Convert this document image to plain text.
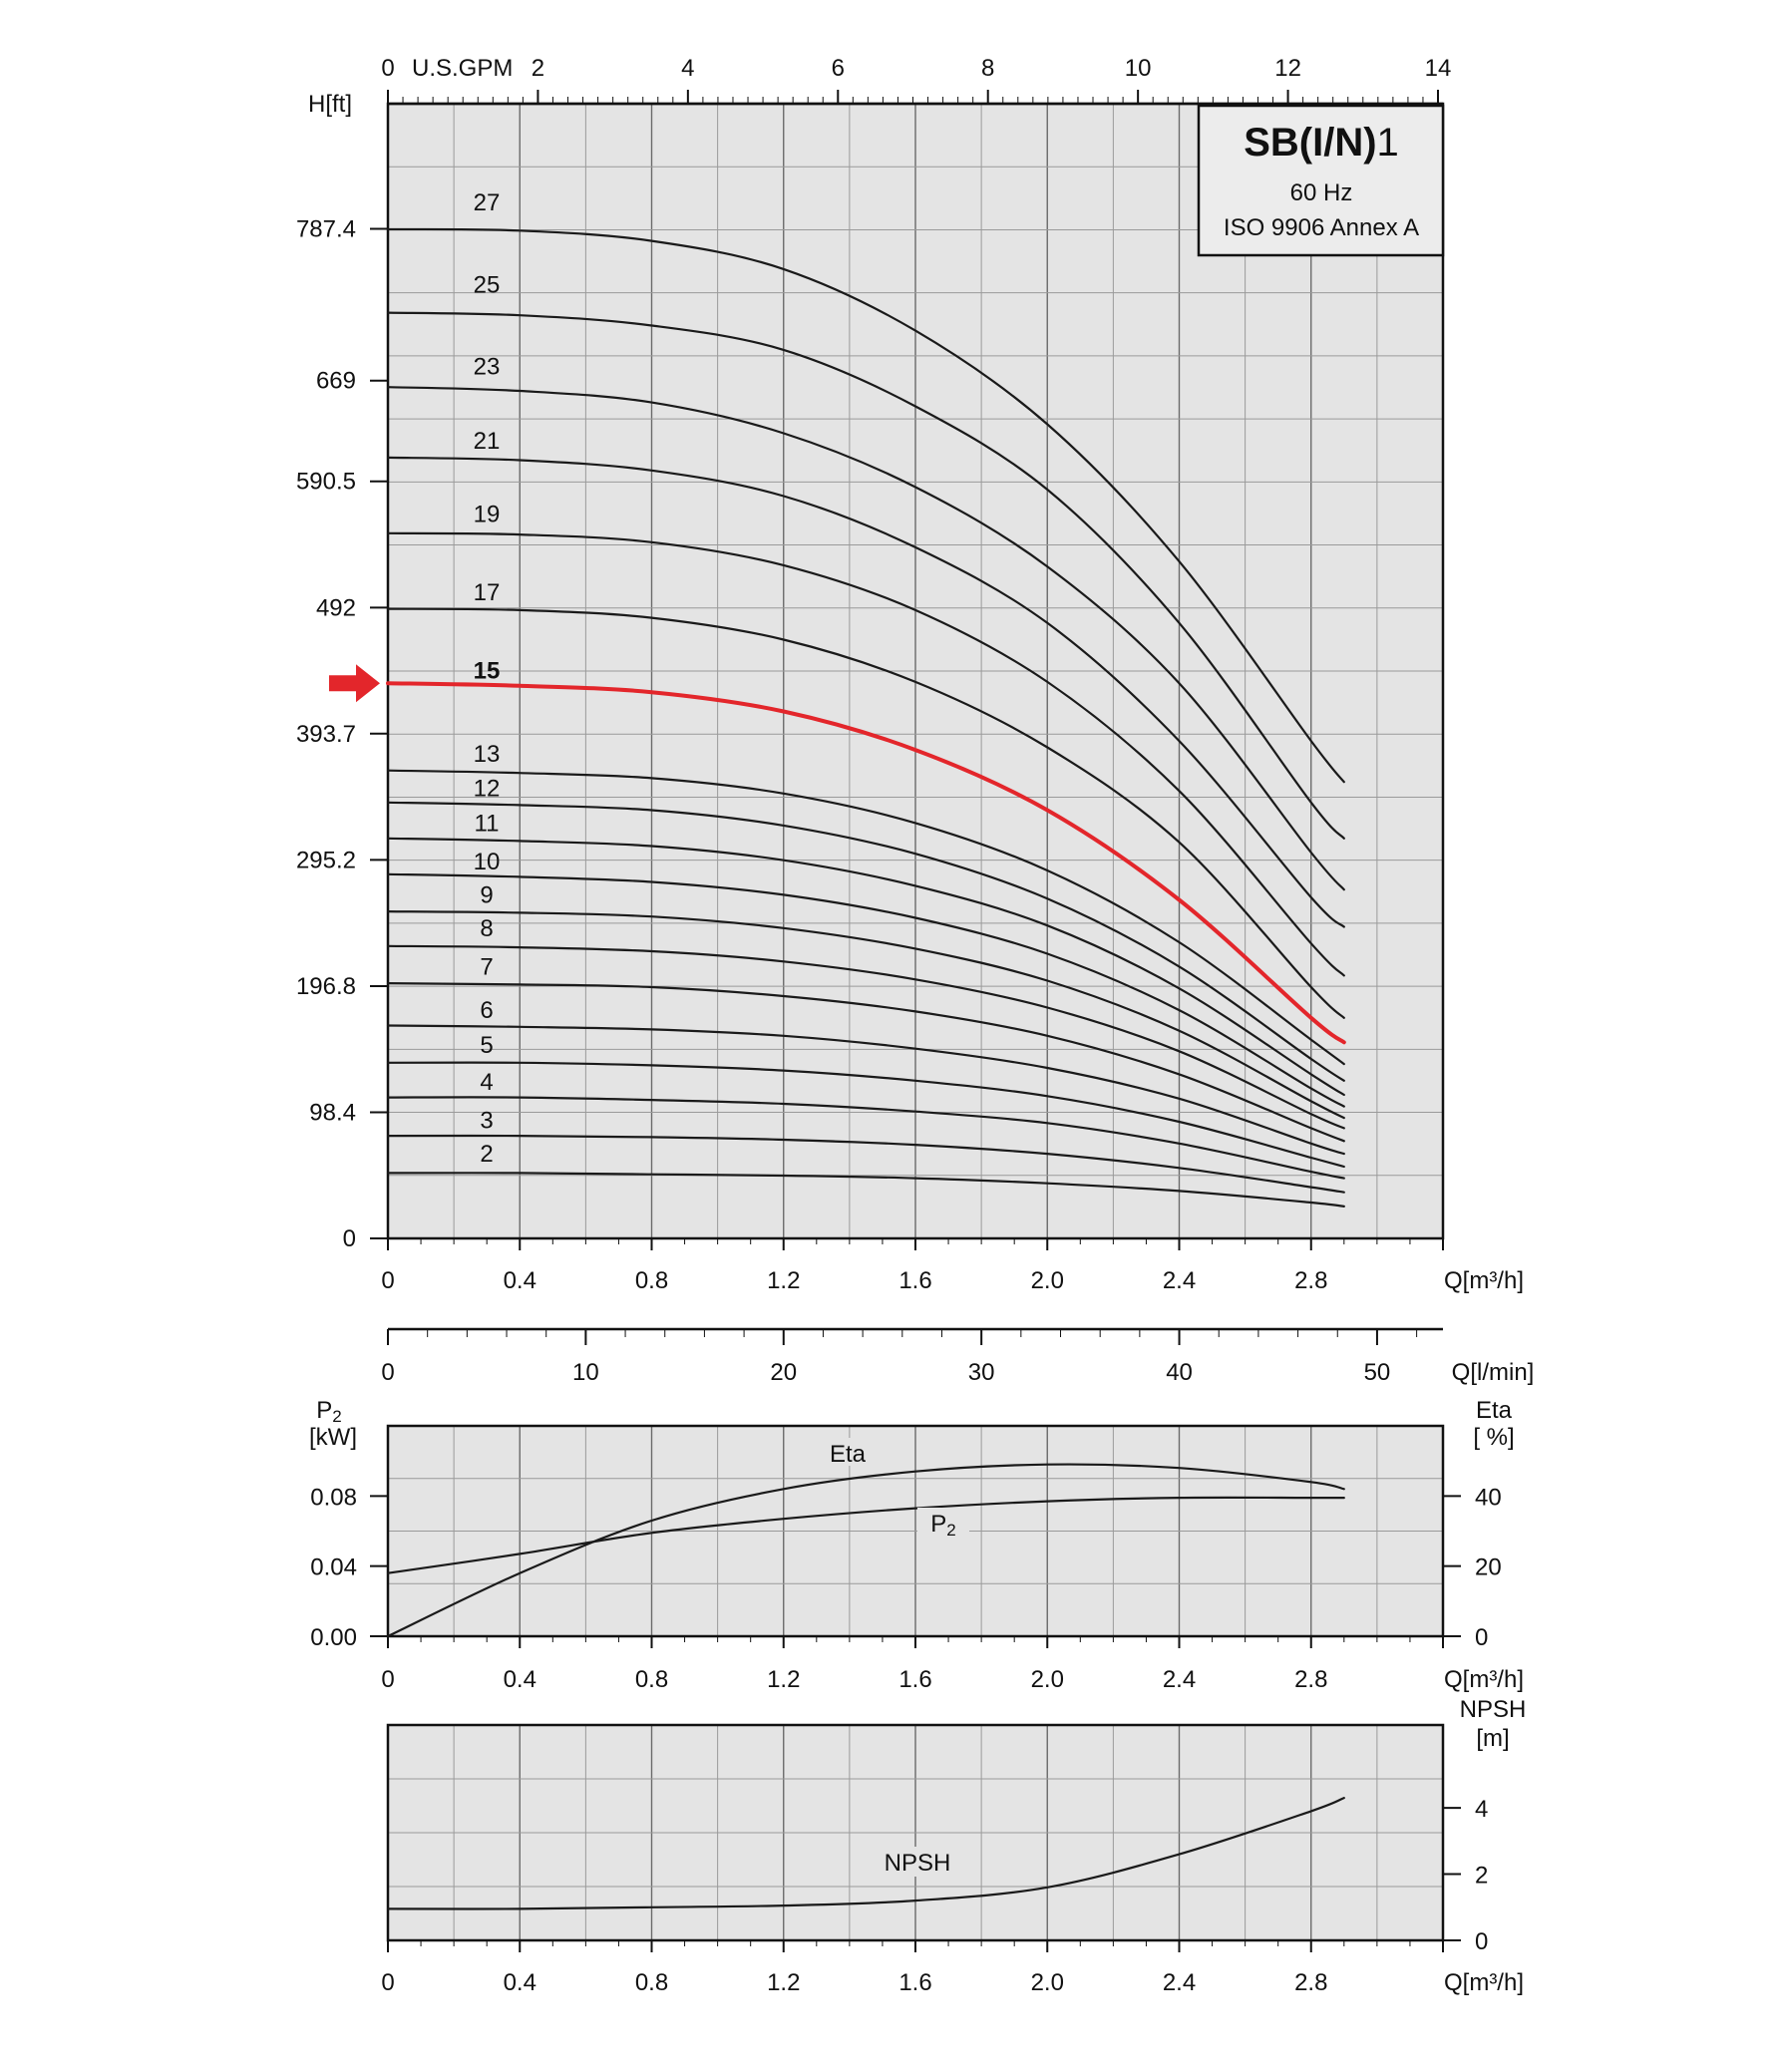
0	2	4	6	8	10	12	14
U.S.GPM
0
98.4
196.8
295.2
393.7
492
590.5
669
787.4
H[ft]
0	0.4	0.8	1.2	1.6	2.0	2.4	2.8	Q[m³/h]
SB(I/N)1
60 Hz
ISO 9906 Annex A
27
25
23
21
19
17
15
13
12
11
10
9
8
7
6
5
4
3
2
0	10	20	30	40	50	Q[l/min]
0.00
0.04
0.08
0
20
40
P2
[kW]
Eta
[ %]
0	0.4	0.8	1.2	1.6	2.0	2.4	2.8	Q[m³/h]
Eta
P2
0
2
4
NPSH
[m]
0	0.4	0.8	1.2	1.6	2.0	2.4	2.8	Q[m³/h]
NPSH
